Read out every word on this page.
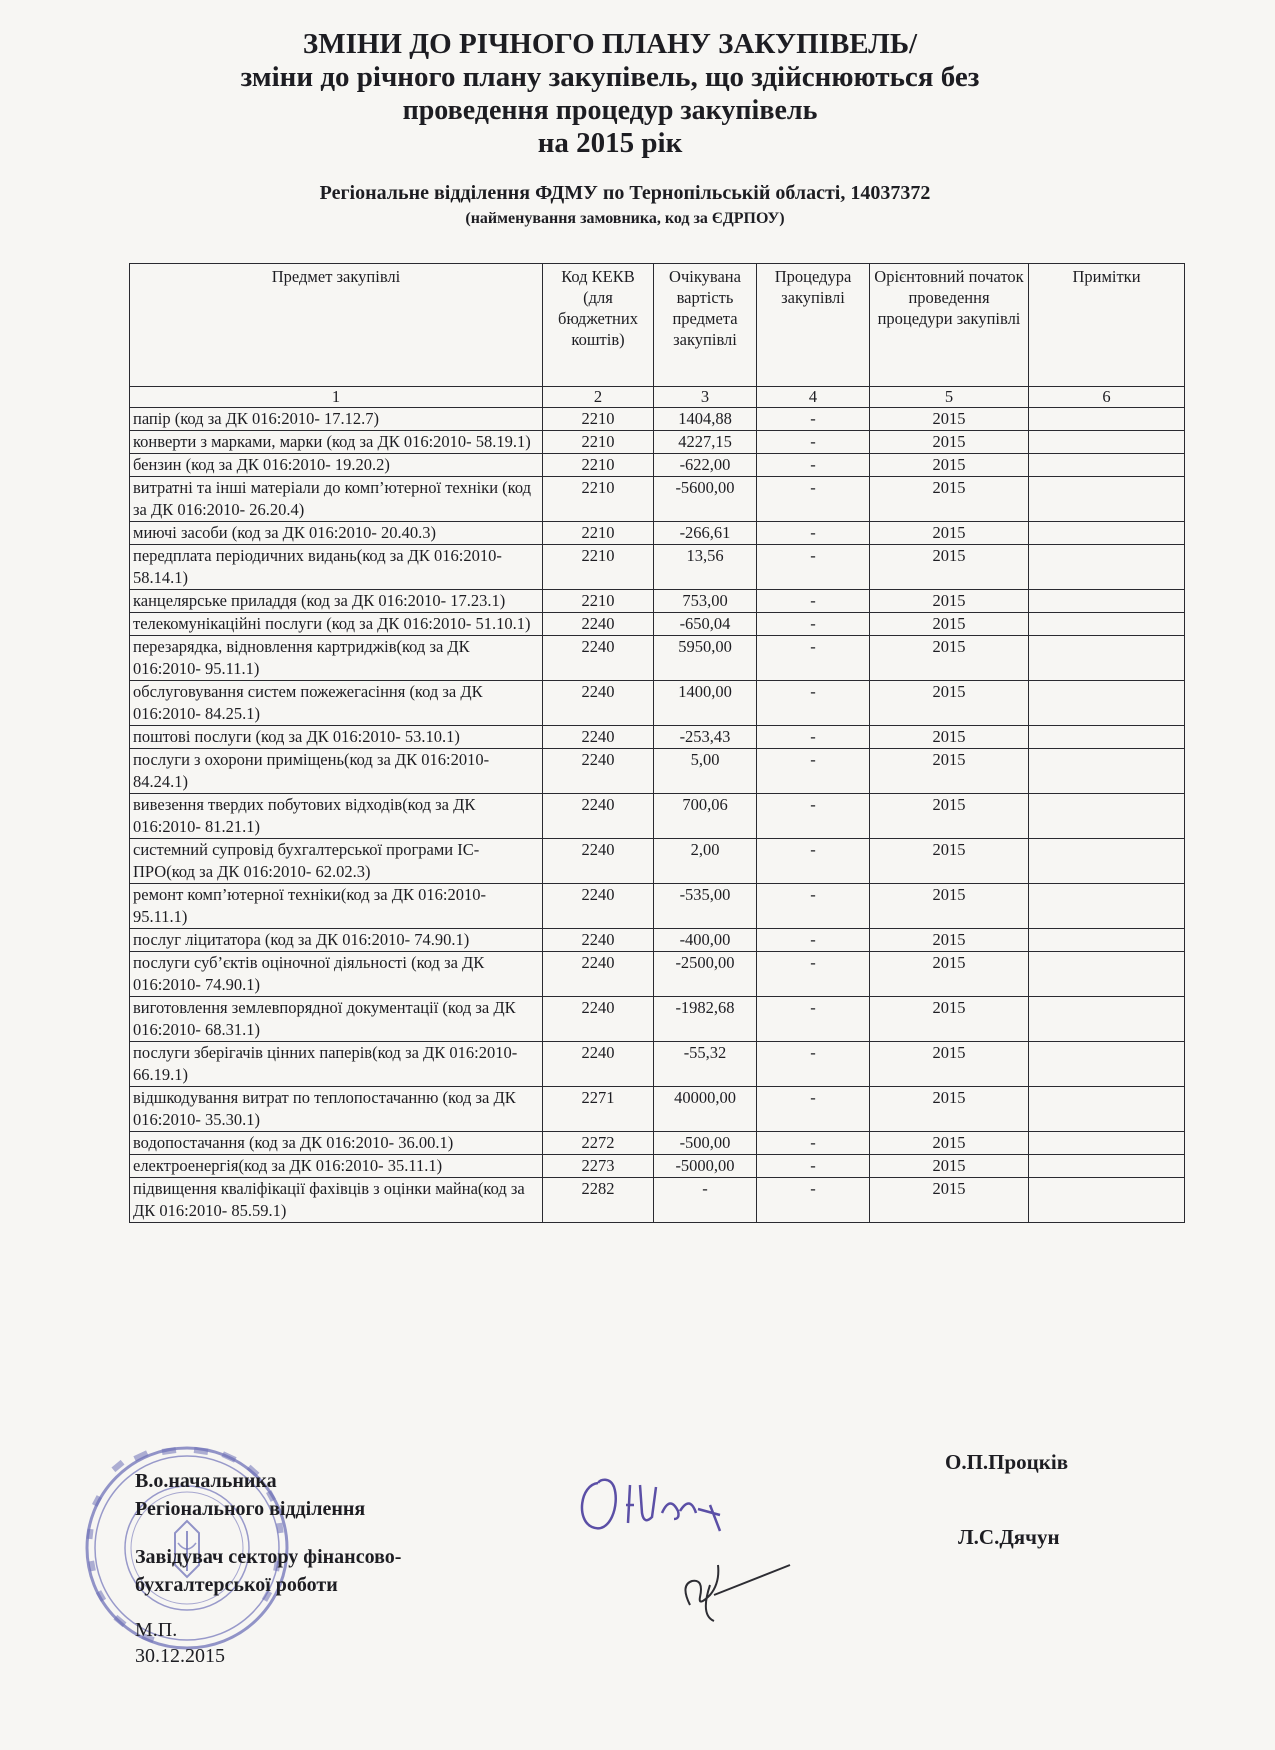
ЗМІНИ ДО РІЧНОГО ПЛАНУ ЗАКУПІВЕЛЬ/
зміни до річного плану закупівель, що здійснюються без
проведення процедур закупівель
на 2015 рік
Регіональне відділення ФДМУ по Тернопільській області, 14037372
(найменування замовника, код за ЄДРПОУ)
Предмет закупівлі	Код КЕКВ (для бюджетних коштів)	Очікувана вартість предмета закупівлі	Процедура закупівлі	Орієнтовний початок проведення процедури закупівлі	Примітки
1	2	3	4	5	6
папір (код за ДК 016:2010- 17.12.7)	2210	1404,88	-	2015	
конверти з марками, марки (код за ДК 016:2010- 58.19.1)	2210	4227,15	-	2015	
бензин (код за ДК 016:2010- 19.20.2)	2210	-622,00	-	2015	
витратні та інші матеріали до комп’ютерної техніки (код за ДК 016:2010- 26.20.4)	2210	-5600,00	-	2015	
миючі засоби (код за ДК 016:2010- 20.40.3)	2210	-266,61	-	2015	
передплата періодичних видань(код за ДК 016:2010- 58.14.1)	2210	13,56	-	2015	
канцелярське приладдя (код за ДК 016:2010- 17.23.1)	2210	753,00	-	2015	
телекомунікаційні послуги (код за ДК 016:2010- 51.10.1)	2240	-650,04	-	2015	
перезарядка, відновлення картриджів(код за ДК 016:2010- 95.11.1)	2240	5950,00	-	2015	
обслуговування систем пожежегасіння (код за ДК 016:2010- 84.25.1)	2240	1400,00	-	2015	
поштові послуги (код за ДК 016:2010- 53.10.1)	2240	-253,43	-	2015	
послуги з охорони приміщень(код за ДК 016:2010- 84.24.1)	2240	5,00	-	2015	
вивезення твердих побутових відходів(код за ДК 016:2010- 81.21.1)	2240	700,06	-	2015	
системний супровід бухгалтерської програми ІС-ПРО(код за ДК 016:2010- 62.02.3)	2240	2,00	-	2015	
ремонт комп’ютерної техніки(код за ДК 016:2010- 95.11.1)	2240	-535,00	-	2015	
послуг ліцитатора (код за ДК 016:2010- 74.90.1)	2240	-400,00	-	2015	
послуги суб’єктів оціночної діяльності (код за ДК 016:2010- 74.90.1)	2240	-2500,00	-	2015	
виготовлення землевпорядної документації (код за ДК 016:2010- 68.31.1)	2240	-1982,68	-	2015	
послуги зберігачів цінних паперів(код за ДК 016:2010- 66.19.1)	2240	-55,32	-	2015	
відшкодування витрат по теплопостачанню (код за ДК 016:2010- 35.30.1)	2271	40000,00	-	2015	
водопостачання (код за ДК 016:2010- 36.00.1)	2272	-500,00	-	2015	
електроенергія(код за ДК 016:2010- 35.11.1)	2273	-5000,00	-	2015	
підвищення кваліфікації фахівців з оцінки майна(код за ДК 016:2010- 85.59.1)	2282	-	-	2015	
В.о.начальника
Регіонального відділення
Завідувач сектору фінансово-
бухгалтерської роботи
М.П.
30.12.2015
О.П.Процків
Л.С.Дячун
